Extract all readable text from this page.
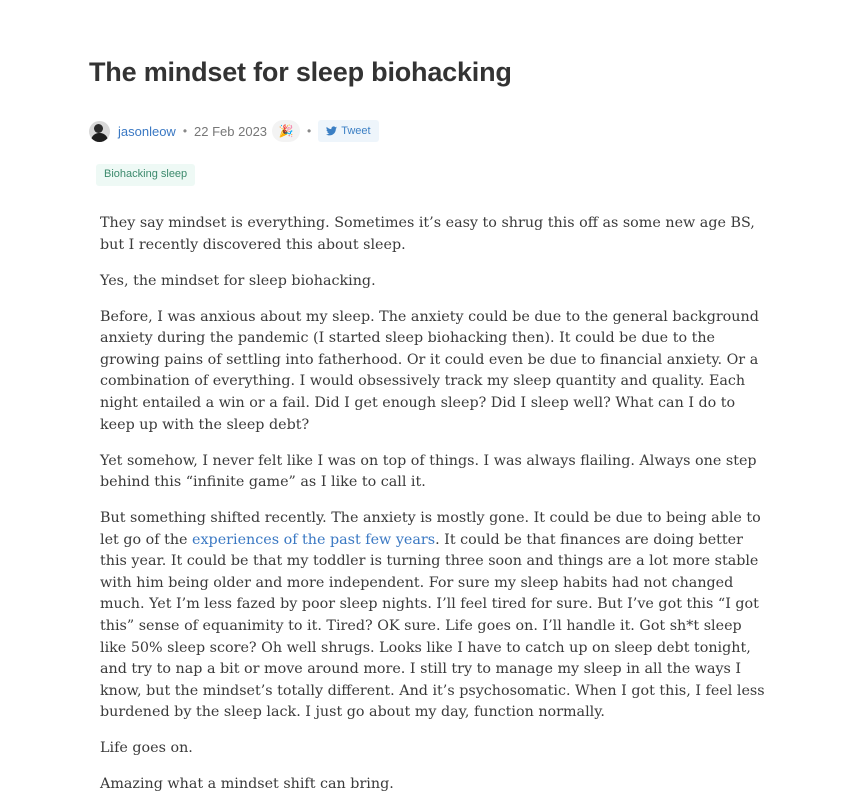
The mindset for sleep biohacking
jasonleow • 22 Feb 2023 🎉	•	Tweet
Biohacking sleep

They say mindset is everything. Sometimes it’s easy to shrug this off as some new age BS, but I recently discovered this about sleep.

Yes, the mindset for sleep biohacking.

Before, I was anxious about my sleep. The anxiety could be due to the general background anxiety during the pandemic (I started sleep biohacking then). It could be due to the growing pains of settling into fatherhood. Or it could even be due to financial anxiety. Or a combination of everything. I would obsessively track my sleep quantity and quality. Each night entailed a win or a fail. Did I get enough sleep? Did I sleep well? What can I do to keep up with the sleep debt?

Yet somehow, I never felt like I was on top of things. I was always flailing. Always one step behind this “infinite game” as I like to call it.

But something shifted recently. The anxiety is mostly gone. It could be due to being able to let go of the experiences of the past few years. It could be that finances are doing better this year. It could be that my toddler is turning three soon and things are a lot more stable with him being older and more independent. For sure my sleep habits had not changed much. Yet I’m less fazed by poor sleep nights. I’ll feel tired for sure. But I’ve got this “I got this” sense of equanimity to it. Tired? OK sure. Life goes on. I’ll handle it. Got sh*t sleep like 50% sleep score? Oh well shrugs. Looks like I have to catch up on sleep debt tonight, and try to nap a bit or move around more. I still try to manage my sleep in all the ways I know, but the mindset’s totally different. And it’s psychosomatic. When I got this, I feel less burdened by the sleep lack. I just go about my day, function normally.

Life goes on.

Amazing what a mindset shift can bring.
